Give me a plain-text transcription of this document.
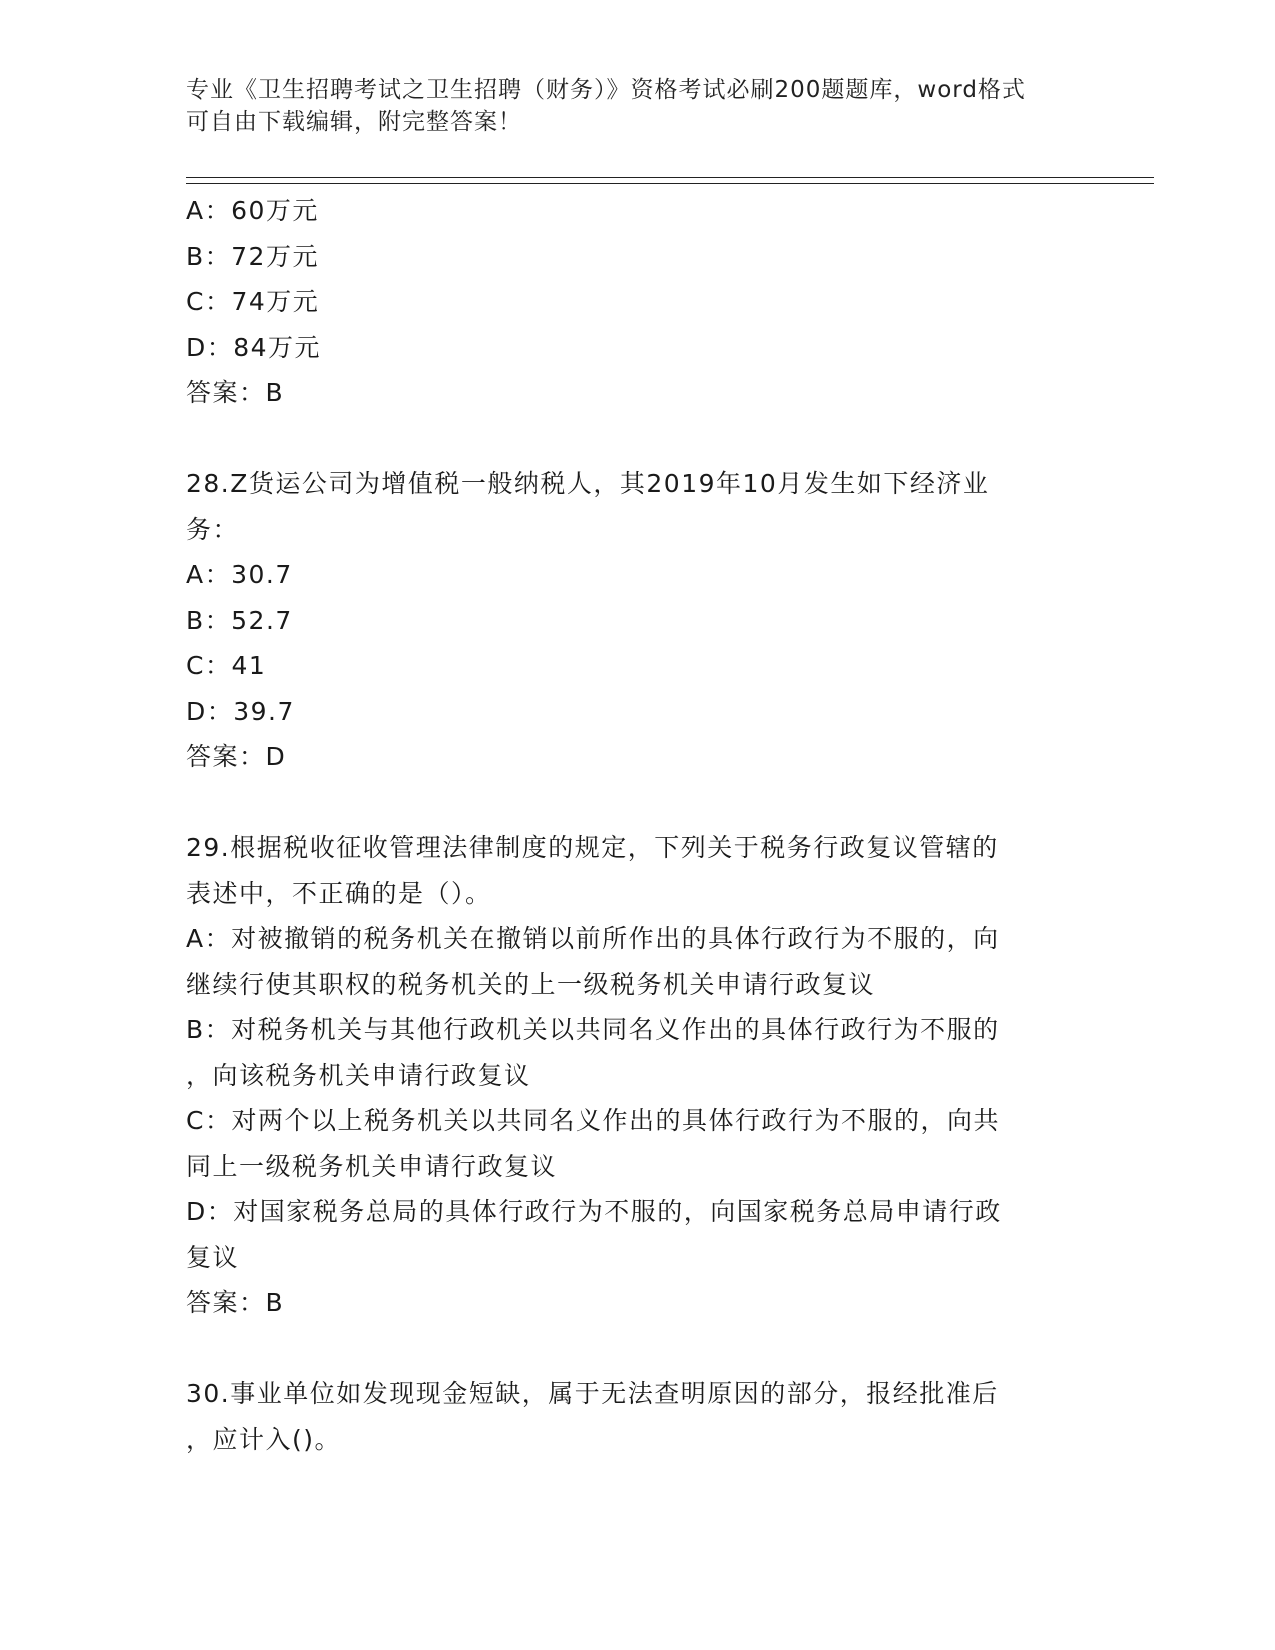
专业《卫生招聘考试之卫生招聘（财务）》资格考试必刷200题题库，word格式
可自由下载编辑，附完整答案！
A：60万元
B：72万元
C：74万元
D：84万元
答案：B
28.Z货运公司为增值税一般纳税人，其2019年10月发生如下经济业
务：
A：30.7
B：52.7
C：41
D：39.7
答案：D
29.根据税收征收管理法律制度的规定，下列关于税务行政复议管辖的
表述中，不正确的是（）。
A：对被撤销的税务机关在撤销以前所作出的具体行政行为不服的，向
继续行使其职权的税务机关的上一级税务机关申请行政复议
B：对税务机关与其他行政机关以共同名义作出的具体行政行为不服的
，向该税务机关申请行政复议
C：对两个以上税务机关以共同名义作出的具体行政行为不服的，向共
同上一级税务机关申请行政复议
D：对国家税务总局的具体行政行为不服的，向国家税务总局申请行政
复议
答案：B
30.事业单位如发现现金短缺，属于无法查明原因的部分，报经批准后
，应计入()。
